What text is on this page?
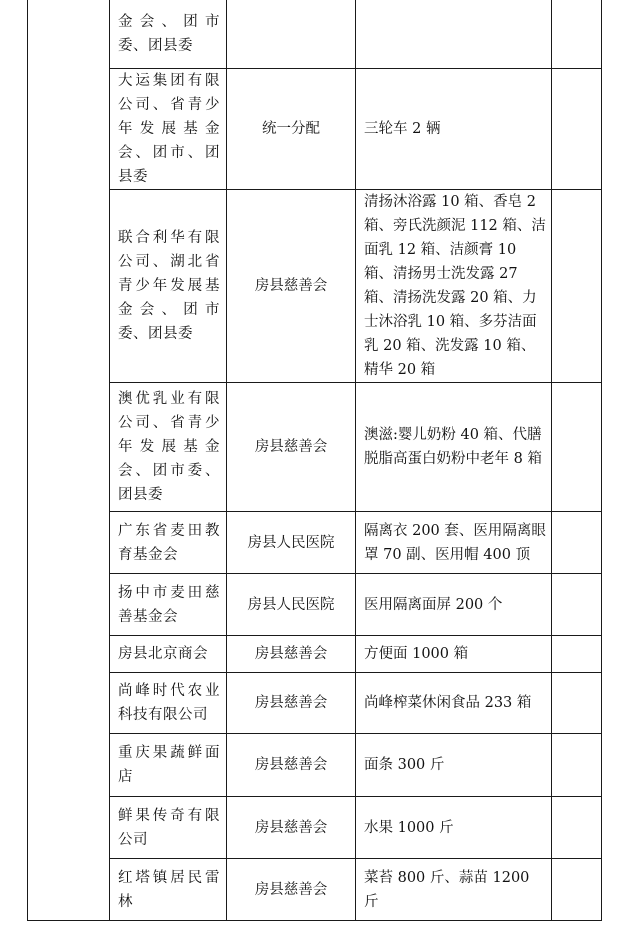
	金会、团市委、团县委			

	大运集团有限公司、省青少年发展基金会、团市、团县委	统一分配	三轮车 2 辆	

	联合利华有限公司、湖北省青少年发展基金会、团市委、团县委	房县慈善会	清扬沐浴露 10 箱、香皂 2 箱、旁氏洗颜泥 112 箱、洁面乳 12 箱、洁颜膏 10 箱、清扬男士洗发露 27 箱、清扬洗发露 20 箱、力士沐浴乳 10 箱、多芬洁面乳 20 箱、洗发露 10 箱、精华 20 箱	

	澳优乳业有限公司、省青少年发展基金会、团市委、团县委	房县慈善会	澳滋:婴儿奶粉 40 箱、代膳脱脂高蛋白奶粉中老年 8 箱	

	广东省麦田教育基金会	房县人民医院	隔离衣 200 套、医用隔离眼罩 70 副、医用帽 400 顶	

	扬中市麦田慈善基金会	房县人民医院	医用隔离面屏 200 个	

	房县北京商会	房县慈善会	方便面 1000 箱	

	尚峰时代农业科技有限公司	房县慈善会	尚峰榨菜休闲食品 233 箱	

	重庆果蔬鲜面店	房县慈善会	面条 300 斤	

	鲜果传奇有限公司	房县慈善会	水果 1000 斤	

	红塔镇居民雷林	房县慈善会	菜苔 800 斤、蒜苗 1200 斤	
